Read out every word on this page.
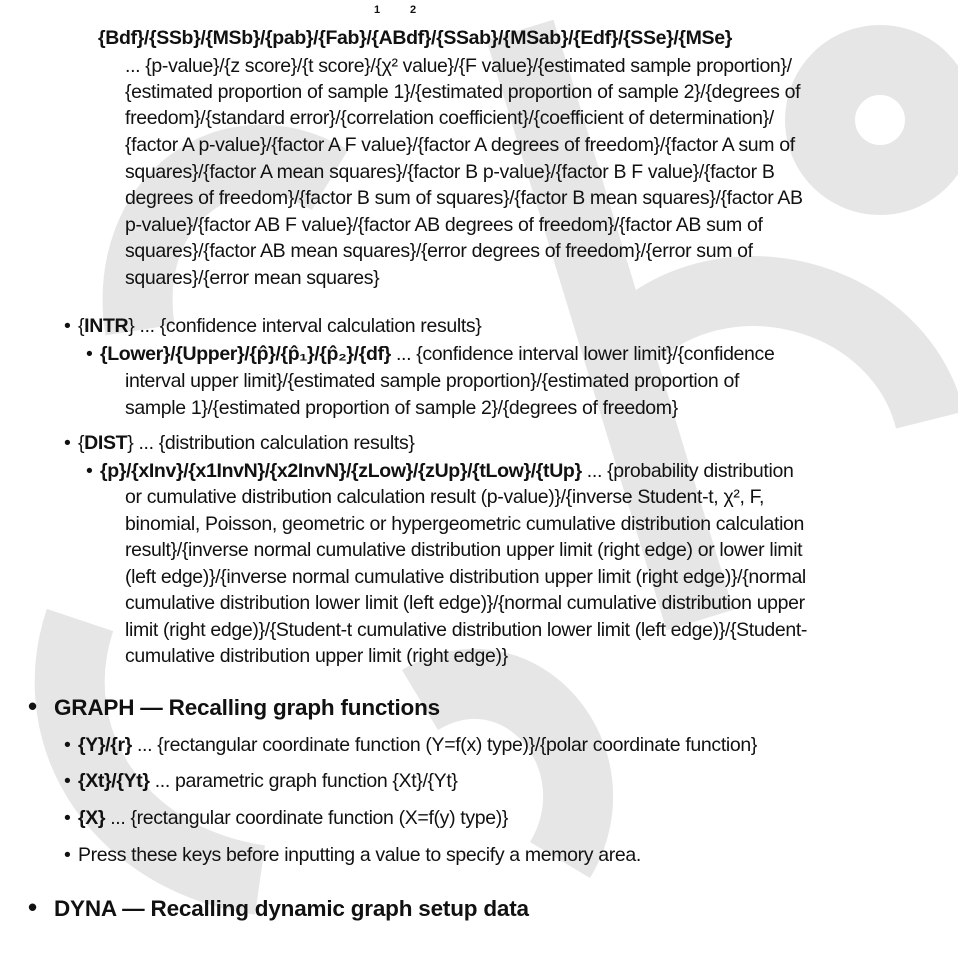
1	2
{Bdf}/{SSb}/{MSb}/{pab}/{Fab}/{ABdf}/{SSab}/{MSab}/{Edf}/{SSe}/{MSe}
... {p-value}/{z score}/{t score}/{χ² value}/{F value}/{estimated sample proportion}/
{estimated proportion of sample 1}/{estimated proportion of sample 2}/{degrees of
freedom}/{standard error}/{correlation coefficient}/{coefficient of determination}/
{factor A p-value}/{factor A F value}/{factor A degrees of freedom}/{factor A sum of
squares}/{factor A mean squares}/{factor B p-value}/{factor B F value}/{factor B
degrees of freedom}/{factor B sum of squares}/{factor B mean squares}/{factor AB
p-value}/{factor AB F value}/{factor AB degrees of freedom}/{factor AB sum of
squares}/{factor AB mean squares}/{error degrees of freedom}/{error sum of
squares}/{error mean squares}
• {INTR} ... {confidence interval calculation results}
• {Lower}/{Upper}/{p̂}/{p̂₁}/{p̂₂}/{df} ... {confidence interval lower limit}/{confidence
interval upper limit}/{estimated sample proportion}/{estimated proportion of
sample 1}/{estimated proportion of sample 2}/{degrees of freedom}
• {DIST} ... {distribution calculation results}
• {p}/{xInv}/{x1InvN}/{x2InvN}/{zLow}/{zUp}/{tLow}/{tUp} ... {probability distribution
or cumulative distribution calculation result (p-value)}/{inverse Student-t, χ², F,
binomial, Poisson, geometric or hypergeometric cumulative distribution calculation
result}/{inverse normal cumulative distribution upper limit (right edge) or lower limit
(left edge)}/{inverse normal cumulative distribution upper limit (right edge)}/{normal
cumulative distribution lower limit (left edge)}/{normal cumulative distribution upper
limit (right edge)}/{Student-t cumulative distribution lower limit (left edge)}/{Student-
cumulative distribution upper limit (right edge)}
• GRAPH — Recalling graph functions
• {Y}/{r} ... {rectangular coordinate function (Y=f(x) type)}/{polar coordinate function}
• {Xt}/{Yt} ... parametric graph function {Xt}/{Yt}
• {X} ... {rectangular coordinate function (X=f(y) type)}
• Press these keys before inputting a value to specify a memory area.
• DYNA — Recalling dynamic graph setup data
